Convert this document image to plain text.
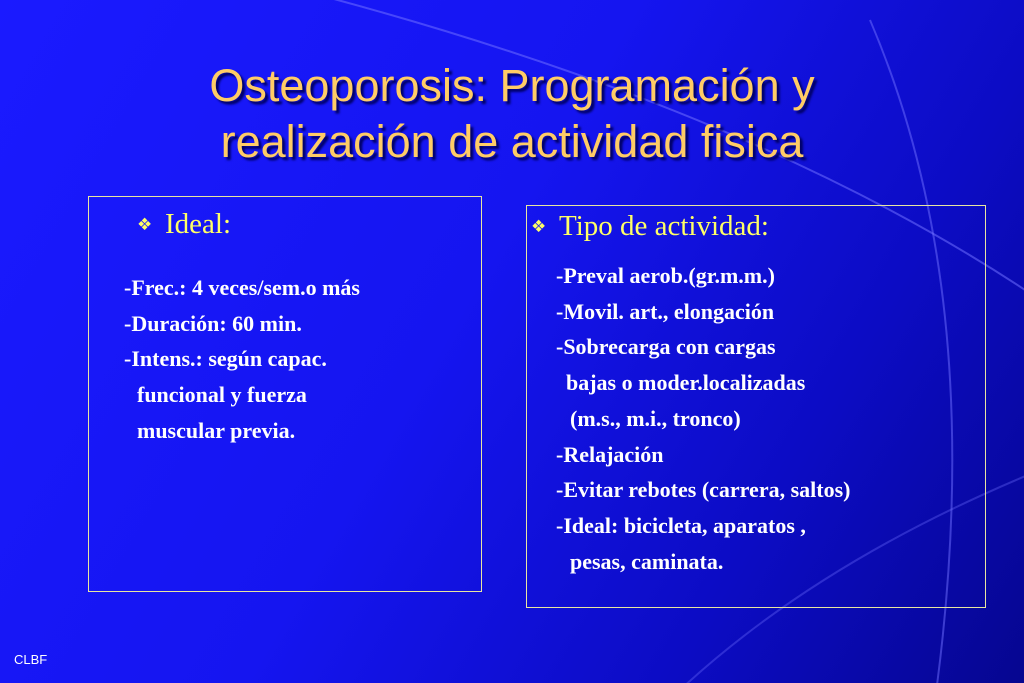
Osteoporosis: Programación y
realización de actividad fisica
❖ Ideal:
-Frec.: 4 veces/sem.o más
-Duración: 60 min.
-Intens.: según capac.
funcional y fuerza
muscular previa.
❖ Tipo de actividad:
-Preval aerob.(gr.m.m.)
-Movil. art., elongación
-Sobrecarga con cargas
bajas o moder.localizadas
(m.s., m.i., tronco)
-Relajación
-Evitar rebotes (carrera, saltos)
-Ideal: bicicleta, aparatos ,
pesas, caminata.
CLBF
